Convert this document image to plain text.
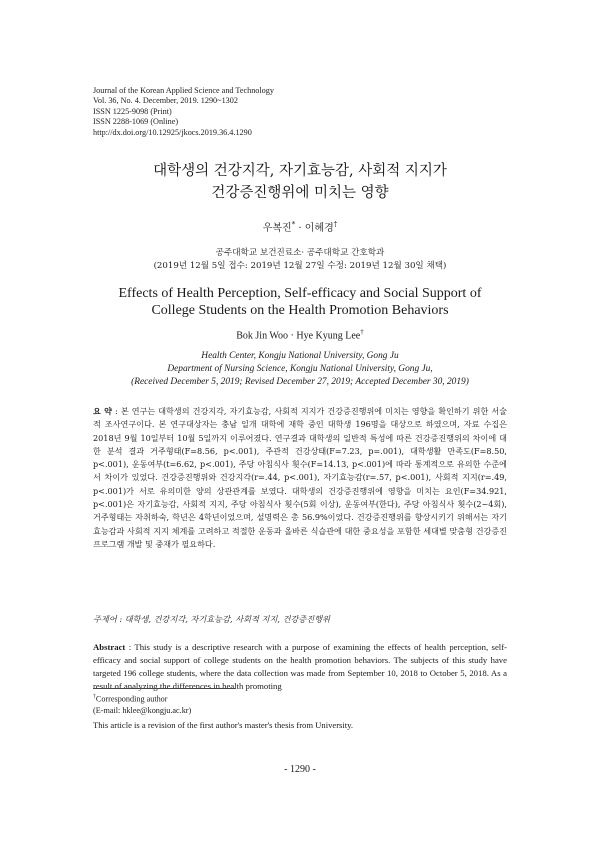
Journal of the Korean Applied Science and Technology
Vol. 36, No. 4. December, 2019. 1290~1302
ISSN 1225-9098 (Print)
ISSN 2288-1069 (Online)
http://dx.doi.org/10.12925/jkocs.2019.36.4.1290
대학생의 건강지각, 자기효능감, 사회적 지지가
건강증진행위에 미치는 영향
우복진* · 이혜경†
공주대학교 보건진료소· 공주대학교 간호학과
(2019년 12월 5일 접수: 2019년 12월 27일 수정: 2019년 12월 30일 채택)
Effects of Health Perception, Self-efficacy and Social Support of
College Students on the Health Promotion Behaviors
Bok Jin Woo · Hye Kyung Lee†
Health Center, Kongju National University, Gong Ju
Department of Nursing Science, Kongju National University, Gong Ju,
(Received December 5, 2019; Revised December 27, 2019; Accepted December 30, 2019)
요 약 : 본 연구는 대학생의 건강지각, 자기효능감, 사회적 지지가 건강증진행위에 미치는 영향을 확인하기 위한 서술적 조사연구이다. 본 연구대상자는 충남 일개 대학에 재학 중인 대학생 196명을 대상으로 하였으며, 자료 수집은 2018년 9월 10일부터 10월 5일까지 이루어졌다. 연구결과 대학생의 일반적 특성에 따른 건강증진행위의 차이에 대한 분석 결과 거주형태(F=8.56, p<.001), 주관적 건강상태(F=7.23, p=.001), 대학생활 만족도(F=8.50, p<.001), 운동여부(t=6.62, p<.001), 주당 아침식사 횟수(F=14.13, p<.001)에 따라 통계적으로 유의한 수준에서 차이가 있었다. 건강증진행위와 건강지각(r=.44, p<.001), 자기효능감(r=.57, p<.001), 사회적 지지(r=.49, p<.001)가 서로 유의미한 양의 상관관계를 보였다. 대학생의 건강증진행위에 영향을 미치는 요인(F=34.921, p<.001)은 자기효능감, 사회적 지지, 주당 아침식사 횟수(5회 이상), 운동여부(한다), 주당 아침식사 횟수(2~4회), 거주형태는 자취하숙, 학년은 4학년이었으며, 설명력은 총 56.9%이었다. 건강증진행위를 향상시키기 위해서는 자기효능감과 사회적 지지 체계를 고려하고 적절한 운동과 올바른 식습관에 대한 중요성을 포함한 세대별 맞춤형 건강증진프로그램 개발 및 중재가 필요하다.
주제어 : 대학생, 건강지각, 자기효능감, 사회적 지지, 건강증진행위
Abstract : This study is a descriptive research with a purpose of examining the effects of health perception, self-efficacy and social support of college students on the health promotion behaviors. The subjects of this study have targeted 196 college students, where the data collection was made from September 10, 2018 to October 5, 2018. As a result of analyzing the differences in health promoting
†Corresponding author
(E-mail: hklee@kongju.ac.kr)
This article is a revision of the first author's master's thesis from University.
- 1290 -
